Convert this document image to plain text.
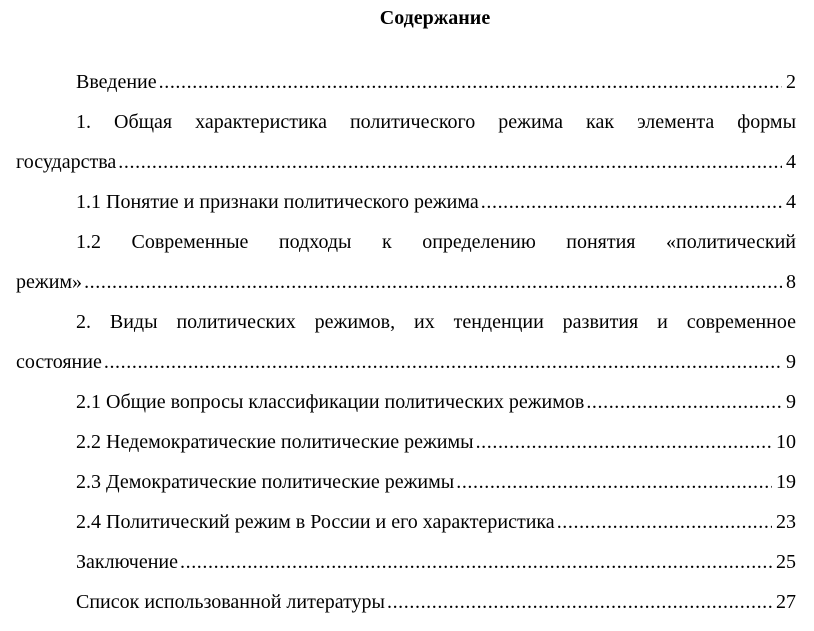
Содержание
Введение .....	2
1. Общая характеристика политического режима как элемента формы
государства .....	4
1.1 Понятие и признаки политического режима .....	4
1.2 Современные подходы к определению понятия «политический
режим» .....	8
2. Виды политических режимов, их тенденции развития и современное
состояние .....	9
2.1 Общие вопросы классификации политических режимов .....	9
2.2 Недемократические политические режимы .....	10
2.3 Демократические политические режимы .....	19
2.4 Политический режим в России и его характеристика .....	23
Заключение .....	25
Список использованной литературы .....	27
